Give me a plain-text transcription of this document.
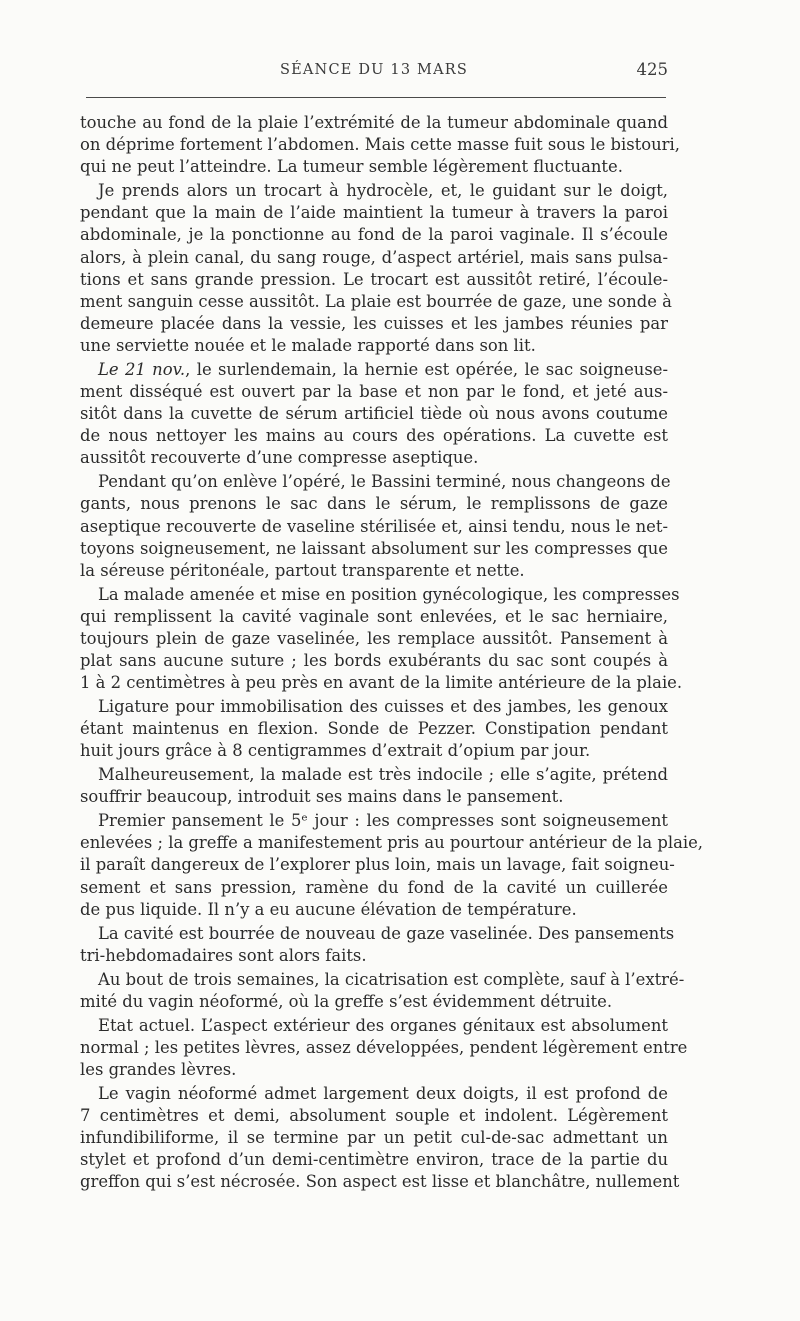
SÉANCE DU 13 MARS	425
touche au fond de la plaie l’extrémité de la tumeur abdominale quand
on déprime fortement l’abdomen. Mais cette masse fuit sous le bistouri,
qui ne peut l’atteindre. La tumeur semble légèrement fluctuante.
Je prends alors un trocart à hydrocèle, et, le guidant sur le doigt,
pendant que la main de l’aide maintient la tumeur à travers la paroi
abdominale, je la ponctionne au fond de la paroi vaginale. Il s’écoule
alors, à plein canal, du sang rouge, d’aspect artériel, mais sans pulsa-
tions et sans grande pression. Le trocart est aussitôt retiré, l’écoule-
ment sanguin cesse aussitôt. La plaie est bourrée de gaze, une sonde à
demeure placée dans la vessie, les cuisses et les jambes réunies par
une serviette nouée et le malade rapporté dans son lit.
Le 21 nov., le surlendemain, la hernie est opérée, le sac soigneuse-
ment disséqué est ouvert par la base et non par le fond, et jeté aus-
sitôt dans la cuvette de sérum artificiel tiède où nous avons coutume
de nous nettoyer les mains au cours des opérations. La cuvette est
aussitôt recouverte d’une compresse aseptique.
Pendant qu’on enlève l’opéré, le Bassini terminé, nous changeons de
gants, nous prenons le sac dans le sérum, le remplissons de gaze
aseptique recouverte de vaseline stérilisée et, ainsi tendu, nous le net-
toyons soigneusement, ne laissant absolument sur les compresses que
la séreuse péritonéale, partout transparente et nette.
La malade amenée et mise en position gynécologique, les compresses
qui remplissent la cavité vaginale sont enlevées, et le sac herniaire,
toujours plein de gaze vaselinée, les remplace aussitôt. Pansement à
plat sans aucune suture ; les bords exubérants du sac sont coupés à
1 à 2 centimètres à peu près en avant de la limite antérieure de la plaie.
Ligature pour immobilisation des cuisses et des jambes, les genoux
étant maintenus en flexion. Sonde de Pezzer. Constipation pendant
huit jours grâce à 8 centigrammes d’extrait d’opium par jour.
Malheureusement, la malade est très indocile ; elle s’agite, prétend
souffrir beaucoup, introduit ses mains dans le pansement.
Premier pansement le 5ᵉ jour : les compresses sont soigneusement
enlevées ; la greffe a manifestement pris au pourtour antérieur de la plaie,
il paraît dangereux de l’explorer plus loin, mais un lavage, fait soigneu-
sement et sans pression, ramène du fond de la cavité un cuillerée
de pus liquide. Il n’y a eu aucune élévation de température.
La cavité est bourrée de nouveau de gaze vaselinée. Des pansements
tri-hebdomadaires sont alors faits.
Au bout de trois semaines, la cicatrisation est complète, sauf à l’extré-
mité du vagin néoformé, où la greffe s’est évidemment détruite.
Etat actuel. L’aspect extérieur des organes génitaux est absolument
normal ; les petites lèvres, assez développées, pendent légèrement entre
les grandes lèvres.
Le vagin néoformé admet largement deux doigts, il est profond de
7 centimètres et demi, absolument souple et indolent. Légèrement
infundibiliforme, il se termine par un petit cul-de-sac admettant un
stylet et profond d’un demi-centimètre environ, trace de la partie du
greffon qui s’est nécrosée. Son aspect est lisse et blanchâtre, nullement
